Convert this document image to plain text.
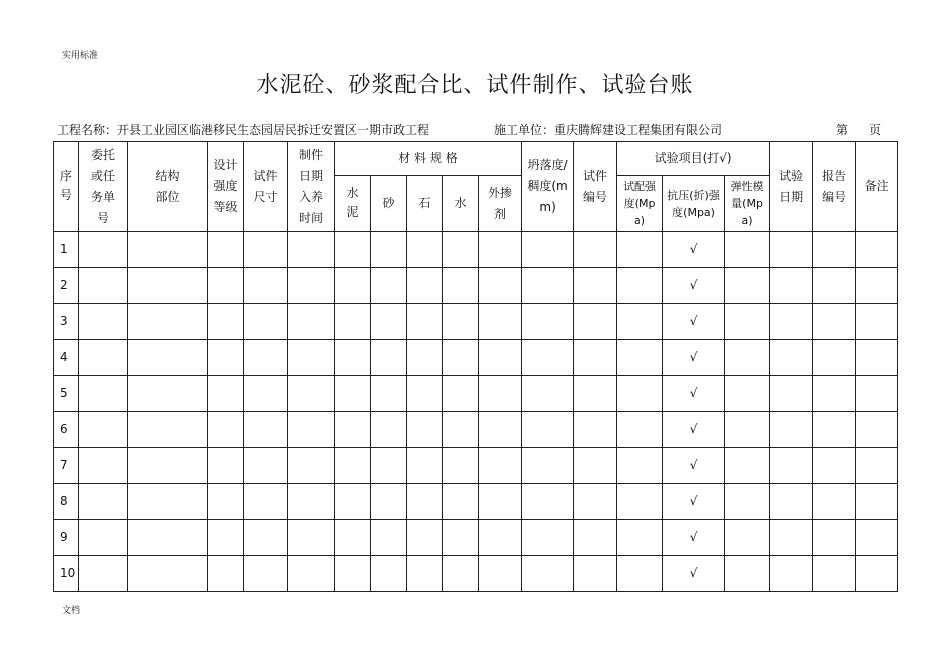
实用标准
水泥砼、砂浆配合比、试件制作、试验台账
工程名称：开县工业园区临港移民生态园居民拆迁安置区一期市政工程	施工单位：重庆腾辉建设工程集团有限公司	第 页
序号	委托或任务单号	结构部位	设计强度等级	试件尺寸	制件日期入养时间	材 料 规 格					坍落度/稠度(mm)	试件编号	试验项目(打√)			试验日期	报告编号	备注
						水泥	砂	石	水	外掺剂			试配强度(Mpa)	抗压(折)强度(Mpa)	弹性模量(Mpa)			
1														√				
2														√				
3														√				
4														√				
5														√				
6														√				
7														√				
8														√				
9														√				
10														√				
文档
